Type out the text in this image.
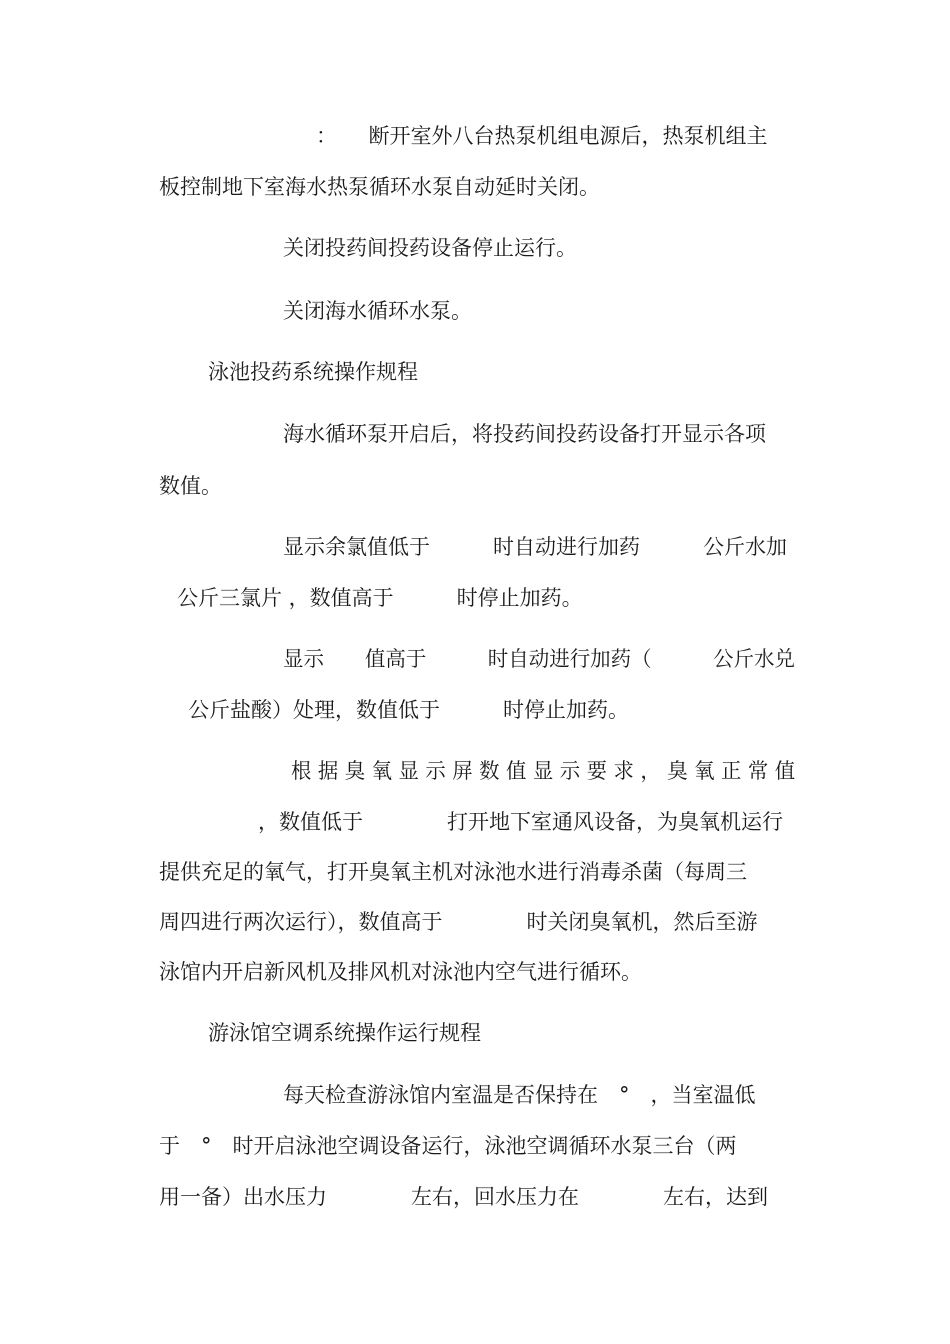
：　　断开室外八台热泵机组电源后，热泵机组主

板控制地下室海水热泵循环水泵自动延时关闭。

关闭投药间投药设备停止运行。

关闭海水循环水泵。

泳池投药系统操作规程

海水循环泵开启后，将投药间投药设备打开显示各项

数值。

显示余氯值低于　　　时自动进行加药　　　公斤水加

公斤三氯片 ，数值高于　　　时停止加药。

显示　　值高于　　　时自动进行加药（　　　公斤水兑

公斤盐酸）处理，数值低于　　　时停止加药。

根 据 臭 氧 显 示 屏 数 值 显 示 要 求 ， 臭 氧 正 常 值

，数值低于　　　　打开地下室通风设备，为臭氧机运行

提供充足的氧气，打开臭氧主机对泳池水进行消毒杀菌（每周三

周四进行两次运行），数值高于　　　　时关闭臭氧机，然后至游

泳馆内开启新风机及排风机对泳池内空气进行循环。

游泳馆空调系统操作运行规程

每天检查游泳馆内室温是否保持在　°　，当室温低

于　°　时开启泳池空调设备运行，泳池空调循环水泵三台（两

用一备）出水压力　　　　左右，回水压力在　　　　左右，达到
